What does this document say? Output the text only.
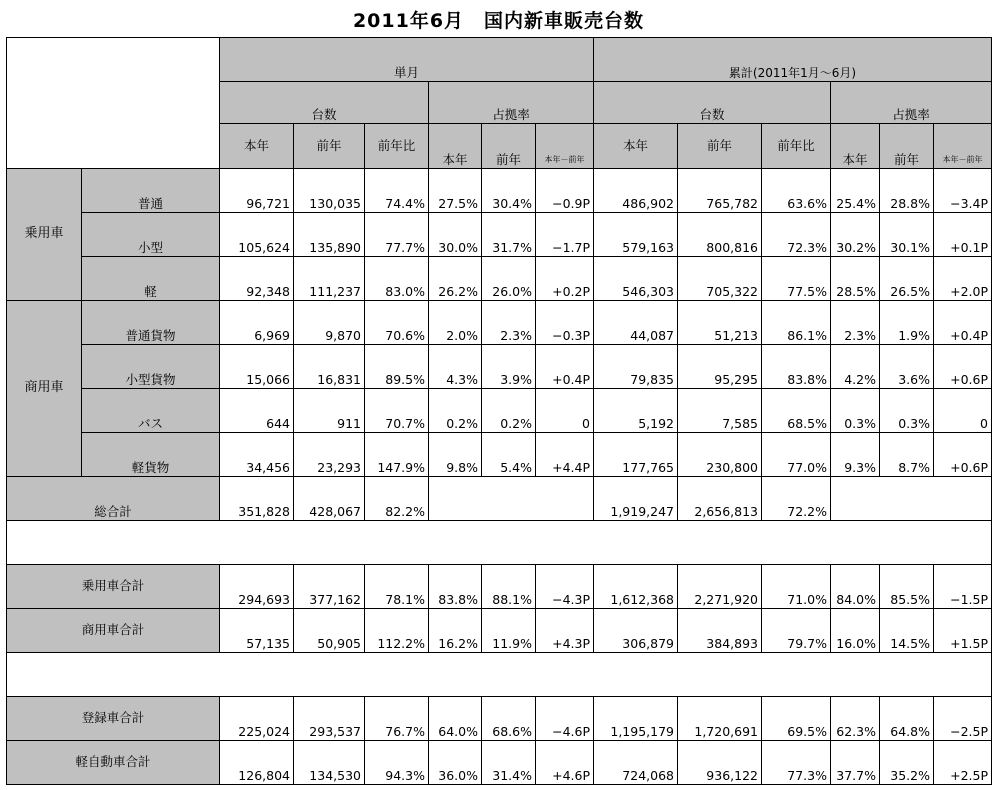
2011年6月　国内新車販売台数
		単月						累計(2011年1月～6月)					
		台数			占拠率			台数			占拠率		
		本年	前年	前年比	本年	前年	本年－前年	本年	前年	前年比	本年	前年	本年－前年
乗用車	普通	96,721	130,035	74.4%	27.5%	30.4%	−0.9P	486,902	765,782	63.6%	25.4%	28.8%	−3.4P
	小型	105,624	135,890	77.7%	30.0%	31.7%	−1.7P	579,163	800,816	72.3%	30.2%	30.1%	+0.1P
	軽	92,348	111,237	83.0%	26.2%	26.0%	+0.2P	546,303	705,322	77.5%	28.5%	26.5%	+2.0P
商用車	普通貨物	6,969	9,870	70.6%	2.0%	2.3%	−0.3P	44,087	51,213	86.1%	2.3%	1.9%	+0.4P
	小型貨物	15,066	16,831	89.5%	4.3%	3.9%	+0.4P	79,835	95,295	83.8%	4.2%	3.6%	+0.6P
	バス	644	911	70.7%	0.2%	0.2%	0	5,192	7,585	68.5%	0.3%	0.3%	0
	軽貨物	34,456	23,293	147.9%	9.8%	5.4%	+4.4P	177,765	230,800	77.0%	9.3%	8.7%	+0.6P
総合計		351,828	428,067	82.2%				1,919,247	2,656,813	72.2%			

乗用車合計		294,693	377,162	78.1%	83.8%	88.1%	−4.3P	1,612,368	2,271,920	71.0%	84.0%	85.5%	−1.5P
商用車合計		57,135	50,905	112.2%	16.2%	11.9%	+4.3P	306,879	384,893	79.7%	16.0%	14.5%	+1.5P

登録車合計		225,024	293,537	76.7%	64.0%	68.6%	−4.6P	1,195,179	1,720,691	69.5%	62.3%	64.8%	−2.5P
軽自動車合計		126,804	134,530	94.3%	36.0%	31.4%	+4.6P	724,068	936,122	77.3%	37.7%	35.2%	+2.5P
